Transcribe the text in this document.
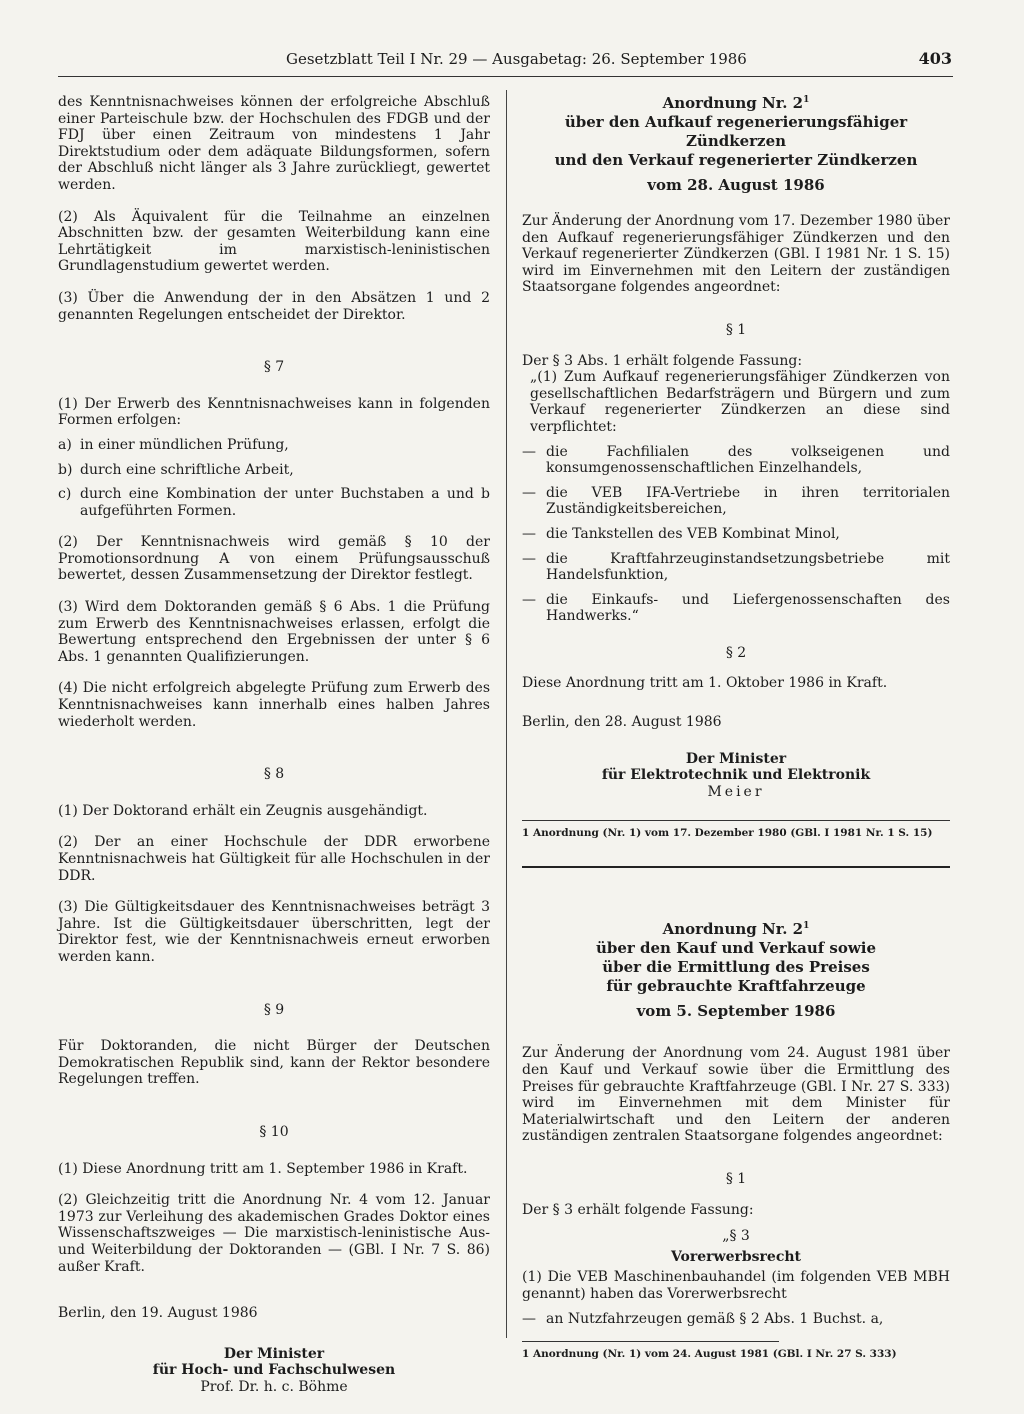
Gesetzblatt Teil I Nr. 29 — Ausgabetag: 26. September 1986	403

des Kenntnisnachweises können der erfolgreiche Abschluß einer Parteischule bzw. der Hochschulen des FDGB und der FDJ über einen Zeitraum von mindestens 1 Jahr Direktstudium oder dem adäquate Bildungsformen, sofern der Abschluß nicht länger als 3 Jahre zurückliegt, gewertet werden.

(2) Als Äquivalent für die Teilnahme an einzelnen Abschnitten bzw. der gesamten Weiterbildung kann eine Lehrtätigkeit im marxistisch-leninistischen Grundlagenstudium gewertet werden.

(3) Über die Anwendung der in den Absätzen 1 und 2 genannten Regelungen entscheidet der Direktor.

§ 7

(1) Der Erwerb des Kenntnisnachweises kann in folgenden Formen erfolgen:

a) in einer mündlichen Prüfung,
b) durch eine schriftliche Arbeit,
c) durch eine Kombination der unter Buchstaben a und b aufgeführten Formen.

(2) Der Kenntnisnachweis wird gemäß § 10 der Promotionsordnung A von einem Prüfungsausschuß bewertet, dessen Zusammensetzung der Direktor festlegt.

(3) Wird dem Doktoranden gemäß § 6 Abs. 1 die Prüfung zum Erwerb des Kenntnisnachweises erlassen, erfolgt die Bewertung entsprechend den Ergebnissen der unter § 6 Abs. 1 genannten Qualifizierungen.

(4) Die nicht erfolgreich abgelegte Prüfung zum Erwerb des Kenntnisnachweises kann innerhalb eines halben Jahres wiederholt werden.

§ 8

(1) Der Doktorand erhält ein Zeugnis ausgehändigt.

(2) Der an einer Hochschule der DDR erworbene Kenntnisnachweis hat Gültigkeit für alle Hochschulen in der DDR.

(3) Die Gültigkeitsdauer des Kenntnisnachweises beträgt 3 Jahre. Ist die Gültigkeitsdauer überschritten, legt der Direktor fest, wie der Kenntnisnachweis erneut erworben werden kann.

§ 9

Für Doktoranden, die nicht Bürger der Deutschen Demokratischen Republik sind, kann der Rektor besondere Regelungen treffen.

§ 10

(1) Diese Anordnung tritt am 1. September 1986 in Kraft.

(2) Gleichzeitig tritt die Anordnung Nr. 4 vom 12. Januar 1973 zur Verleihung des akademischen Grades Doktor eines Wissenschaftszweiges — Die marxistisch-leninistische Aus- und Weiterbildung der Doktoranden — (GBl. I Nr. 7 S. 86) außer Kraft.

Berlin, den 19. August 1986

Der Minister
für Hoch- und Fachschulwesen
Prof. Dr. h. c. Böhme
Anordnung Nr. $2^1$
über den Aufkauf regenerierungsfähiger Zündkerzen
und den Verkauf regenerierter Zündkerzen
vom 28. August 1986

Zur Änderung der Anordnung vom 17. Dezember 1980 über den Aufkauf regenerierungsfähiger Zündkerzen und den Verkauf regenerierter Zündkerzen (GBl. I 1981 Nr. 1 S. 15) wird im Einvernehmen mit den Leitern der zuständigen Staatsorgane folgendes angeordnet:

§ 1

Der § 3 Abs. 1 erhält folgende Fassung:

„(1) Zum Aufkauf regenerierungsfähiger Zündkerzen von gesellschaftlichen Bedarfsträgern und Bürgern und zum Verkauf regenerierter Zündkerzen an diese sind verpflichtet:

— die Fachfilialen des volkseigenen und konsumgenossenschaftlichen Einzelhandels,
— die VEB IFA-Vertriebe in ihren territorialen Zuständigkeitsbereichen,
— die Tankstellen des VEB Kombinat Minol,
— die Kraftfahrzeuginstandsetzungsbetriebe mit Handelsfunktion,
— die Einkaufs- und Liefergenossenschaften des Handwerks.“
§ 2

Diese Anordnung tritt am 1. Oktober 1986 in Kraft.

Berlin, den 28. August 1986

Der Minister
für Elektrotechnik und Elektronik
Meier
1 Anordnung (Nr. 1) vom 17. Dezember 1980 (GBl. I 1981 Nr. 1 S. 15)
Anordnung Nr. $2^1$
über den Kauf und Verkauf sowie
über die Ermittlung des Preises
für gebrauchte Kraftfahrzeuge
vom 5. September 1986

Zur Änderung der Anordnung vom 24. August 1981 über den Kauf und Verkauf sowie über die Ermittlung des Preises für gebrauchte Kraftfahrzeuge (GBl. I Nr. 27 S. 333) wird im Einvernehmen mit dem Minister für Materialwirtschaft und den Leitern der anderen zuständigen zentralen Staatsorgane folgendes angeordnet:

§ 1

Der § 3 erhält folgende Fassung:

„§ 3
Vorerwerbsrecht

(1) Die VEB Maschinenbauhandel (im folgenden VEB MBH genannt) haben das Vorerwerbsrecht

— an Nutzfahrzeugen gemäß § 2 Abs. 1 Buchst. a,
1 Anordnung (Nr. 1) vom 24. August 1981 (GBl. I Nr. 27 S. 333)
